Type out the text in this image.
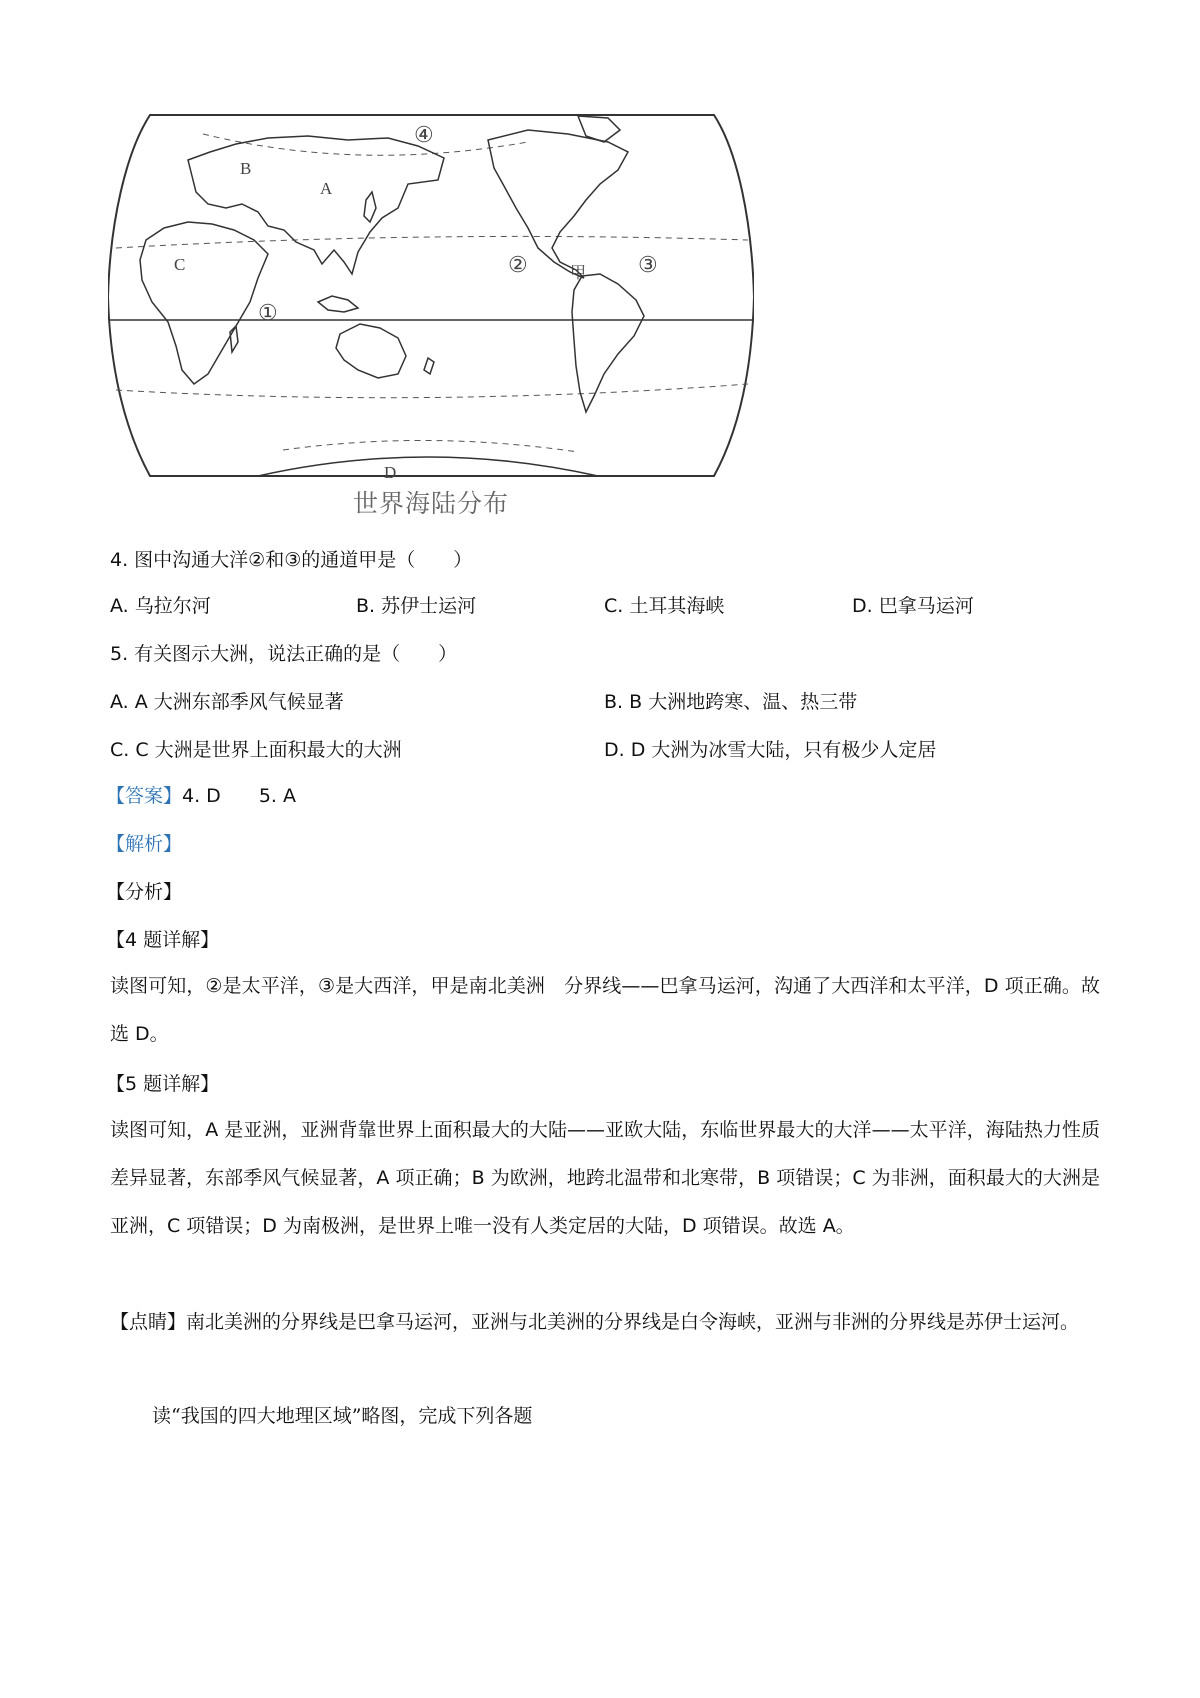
A
B
C
D
甲
①
②	③
④
世界海陆分布
4. 图中沟通大洋②和③的通道甲是（　　）
A. 乌拉尔河	B. 苏伊士运河	C. 土耳其海峡	D. 巴拿马运河
5. 有关图示大洲，说法正确的是（　　）
A. A 大洲东部季风气候显著	B. B 大洲地跨寒、温、热三带
C. C 大洲是世界上面积最大的大洲	D. D 大洲为冰雪大陆，只有极少人定居
【答案】4. D　　5. A
【解析】
【分析】
【4 题详解】
读图可知，②是太平洋，③是大西洋，甲是南北美洲　分界线——巴拿马运河，沟通了大西洋和太平洋，D 项正确。故选 D。
【5 题详解】
读图可知，A 是亚洲，亚洲背靠世界上面积最大的大陆——亚欧大陆，东临世界最大的大洋——太平洋，海陆热力性质差异显著，东部季风气候显著，A 项正确；B 为欧洲，地跨北温带和北寒带，B 项错误；C 为非洲，面积最大的大洲是亚洲，C 项错误；D 为南极洲，是世界上唯一没有人类定居的大陆，D 项错误。故选 A。
【点睛】南北美洲的分界线是巴拿马运河，亚洲与北美洲的分界线是白令海峡，亚洲与非洲的分界线是苏伊士运河。
读“我国的四大地理区域”略图，完成下列各题
